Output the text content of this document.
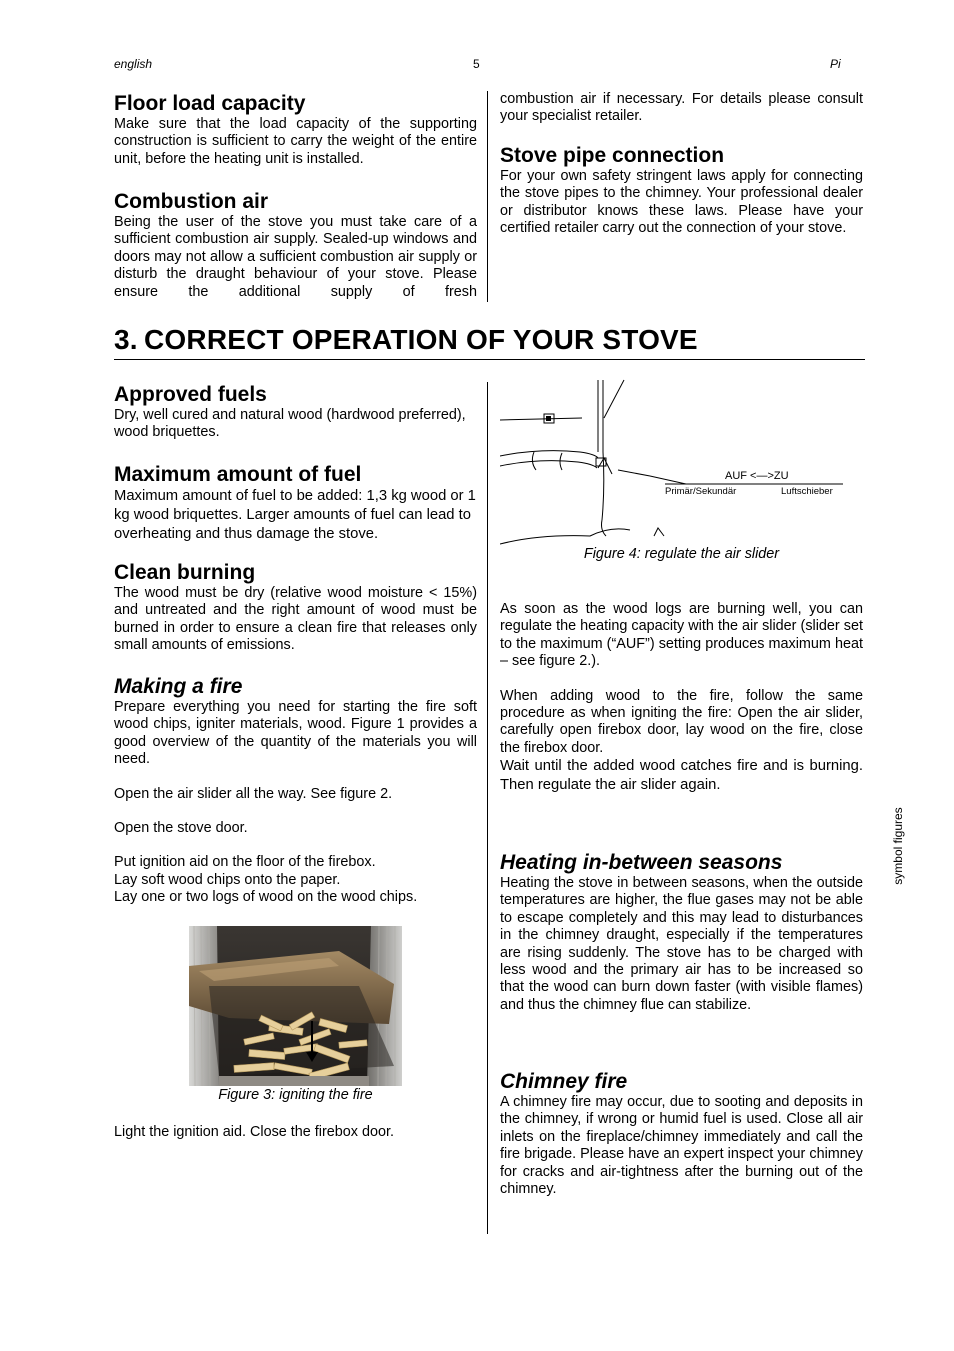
english	5	Pi
Floor load capacity

Make sure that the load capacity of the supporting construction is sufficient to carry the weight of the entire unit, before the heating unit is installed.

Combustion air

Being the user of the stove you must take care of a sufficient combustion air supply. Sealed-up windows and doors may not allow a sufficient combustion air supply or disturb the draught behaviour of your stove. Please ensure the additional supply of fresh

combustion air if necessary. For details please consult your specialist retailer.

Stove pipe connection

For your own safety stringent laws apply for connecting the stove pipes to the chimney. Your professional dealer or distributor knows these laws. Please have your certified retailer carry out the connection of your stove.

3. CORRECT OPERATION OF YOUR STOVE
Approved fuels

Dry, well cured and natural wood (hardwood preferred), wood briquettes.

Maximum amount of fuel

Maximum amount of fuel to be added: 1,3 kg wood or 1 kg wood briquettes. Larger amounts of fuel can lead to overheating and thus damage the stove.

Clean burning

The wood must be dry (relative wood moisture < 15%) and untreated and the right amount of wood must be burned in order to ensure a clean fire that releases only small amounts of emissions.

Making a fire

Prepare everything you need for starting the fire soft wood chips, igniter materials, wood. Figure 1 provides a good overview of the quantity of the materials you will need.

Open the air slider all the way. See figure 2.

Open the stove door.

Put ignition aid on the floor of the firebox.

Lay soft wood chips onto the paper.

Lay one or two logs of wood on the wood chips.

Figure 3: igniting the fire

Light the ignition aid. Close the firebox door.

AUF <—>ZU
Primär/Sekundär	Luftschieber
Figure 4: regulate the air slider

As soon as the wood logs are burning well, you can regulate the heating capacity with the air slider (slider set to the maximum (“AUF”) setting produces maximum heat – see figure 2.).

When adding wood to the fire, follow the same procedure as when igniting the fire: Open the air slider, carefully open firebox door, lay wood on the fire, close the firebox door.

Wait until the added wood catches fire and is burning. Then regulate the air slider again.

Heating in-between seasons

Heating the stove in between seasons, when the outside temperatures are higher, the flue gases may not be able to escape completely and this may lead to disturbances in the chimney draught, especially if the temperatures are rising suddenly. The stove has to be charged with less wood and the primary air has to be increased so that the wood can burn down faster (with visible flames) and thus the chimney flue can stabilize.

Chimney fire

A chimney fire may occur, due to sooting and deposits in the chimney, if wrong or humid fuel is used. Close all air inlets on the fireplace/chimney immediately and call the fire brigade. Please have an expert inspect your chimney for cracks and air-tightness after the burning out of the chimney.

symbol figures
